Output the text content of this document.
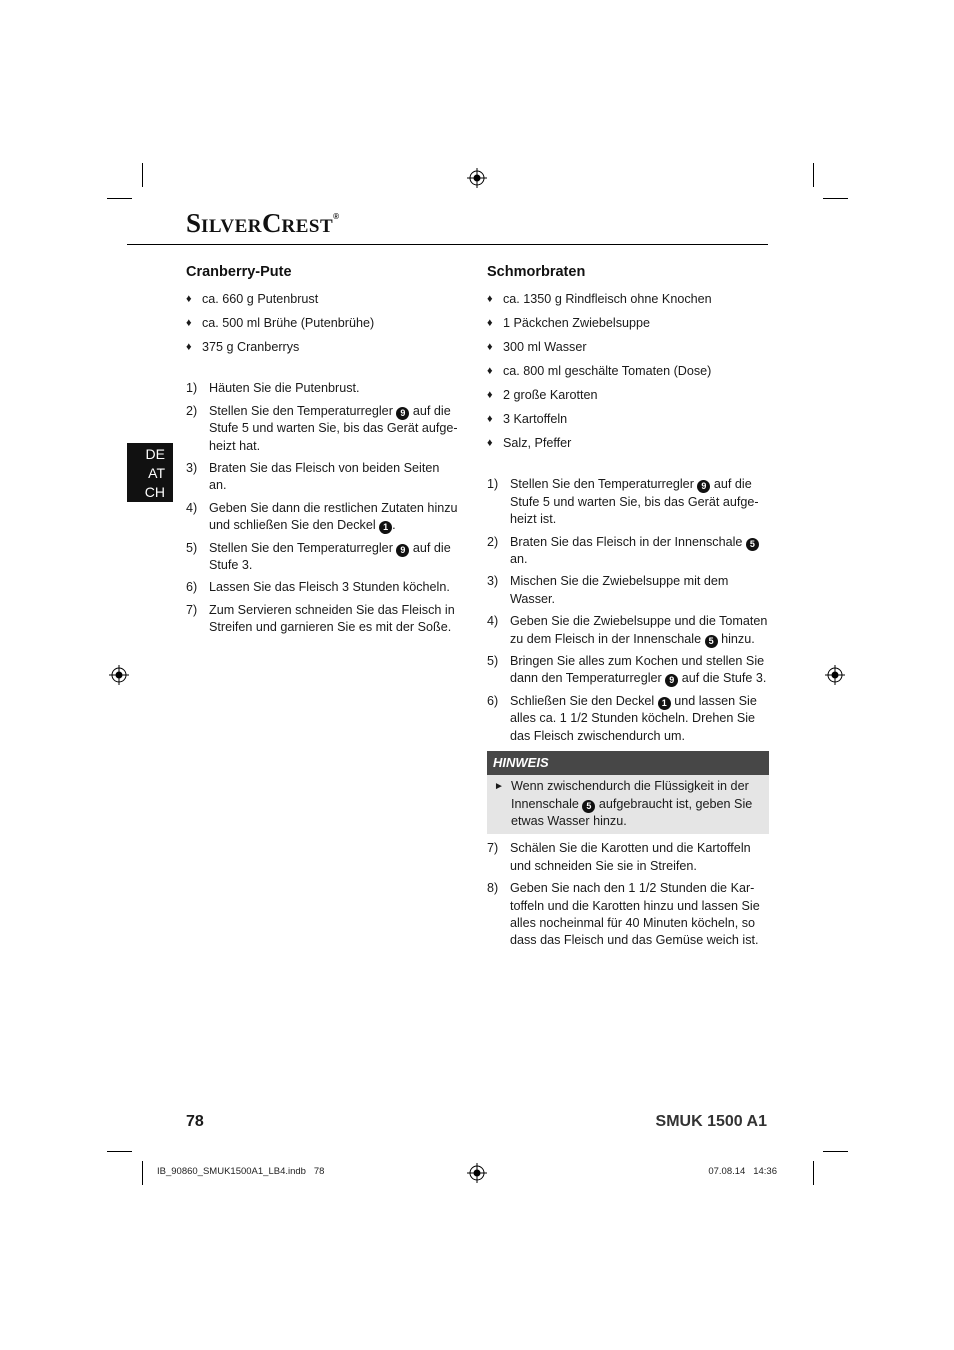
SILVERCREST®
DE
AT
CH
Cranberry-Pute
♦ ca. 660 g Putenbrust
♦ ca. 500 ml Brühe (Putenbrühe)
♦ 375 g Cranberrys
1) Häuten Sie die Putenbrust.
2) Stellen Sie den Temperaturregler 9 auf die Stufe 5 und warten Sie, bis das Gerät aufge-heizt hat.
3) Braten Sie das Fleisch von beiden Seiten an.
4) Geben Sie dann die restlichen Zutaten hinzu und schließen Sie den Deckel 1 .
5) Stellen Sie den Temperaturregler 9 auf die Stufe 3.
6) Lassen Sie das Fleisch 3 Stunden köcheln.
7) Zum Servieren schneiden Sie das Fleisch in Streifen und garnieren Sie es mit der Soße.
Schmorbraten
♦ ca. 1350 g Rindfleisch ohne Knochen
♦ 1 Päckchen Zwiebelsuppe
♦ 300 ml Wasser
♦ ca. 800 ml geschälte Tomaten (Dose)
♦ 2 große Karotten
♦ 3 Kartoffeln
♦ Salz, Pfeffer
1) Stellen Sie den Temperaturregler 9 auf die Stufe 5 und warten Sie, bis das Gerät aufge-heizt ist.
2) Braten Sie das Fleisch in der Innenschale 5 an.
3) Mischen Sie die Zwiebelsuppe mit dem Wasser.
4) Geben Sie die Zwiebelsuppe und die Tomaten zu dem Fleisch in der Innenschale 5 hinzu.
5) Bringen Sie alles zum Kochen und stellen Sie dann den Temperaturregler 9 auf die Stufe 3.
6) Schließen Sie den Deckel 1 und lassen Sie alles ca. 1 1/2 Stunden köcheln. Drehen Sie das Fleisch zwischendurch um.
HINWEIS
► Wenn zwischendurch die Flüssigkeit in der Innenschale 5 aufgebraucht ist, geben Sie etwas Wasser hinzu.
7) Schälen Sie die Karotten und die Kartoffeln und schneiden Sie sie in Streifen.
8) Geben Sie nach den 1 1/2 Stunden die Kar-toffeln und die Karotten hinzu und lassen Sie alles nocheinmal für 40 Minuten köcheln, so dass das Fleisch und das Gemüse weich ist.
78	SMUK 1500 A1
IB_90860_SMUK1500A1_LB4.indb   78	07.08.14   14:36
